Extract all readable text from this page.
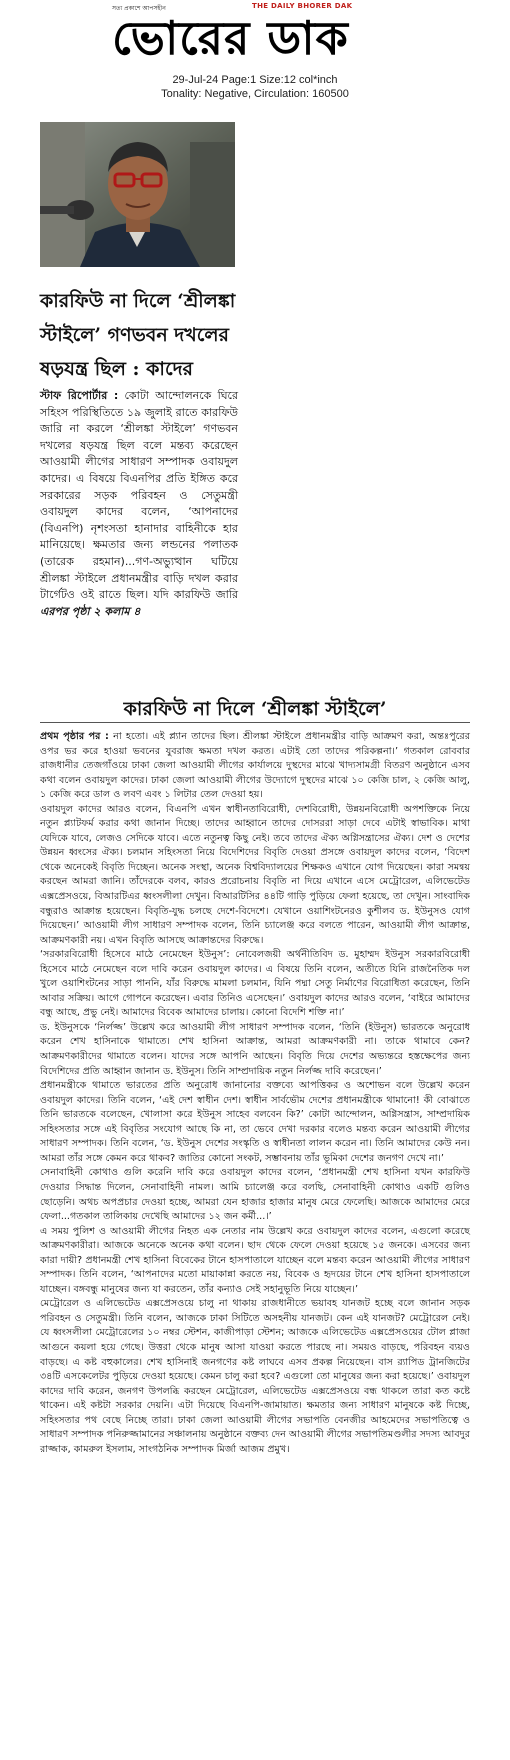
সত্য প্রকাশে আপসহীন	THE DAILY BHORER DAK
ভোরের ডাক
29-Jul-24 Page:1 Size:12 col*inch
Tonality: Negative, Circulation: 160500
কারফিউ না দিলে ‘শ্রীলঙ্কা
স্টাইলে’ গণভবন দখলের
ষড়যন্ত্র ছিল : কাদের
স্টাফ রিপোর্টার : কোটা আন্দোলনকে ঘিরে সহিংস পরিস্থিতিতে ১৯ জুলাই রাতে কারফিউ জারি না করলে ‘শ্রীলঙ্কা স্টাইলে’ গণভবন দখলের ষড়যন্ত্র ছিল বলে মন্তব্য করেছেন আওয়ামী লীগের সাধারণ সম্পাদক ওবায়দুল কাদের। এ বিষয়ে বিএনপির প্রতি ইঙ্গিত করে সরকারের সড়ক পরিবহন ও সেতুমন্ত্রী ওবায়দুল কাদের বলেন, ‘আপনাদের (বিএনপি) নৃশংসতা হানাদার বাহিনীকে হার মানিয়েছে। ক্ষমতার জন্য লন্ডনের পলাতক (তারেক রহমান)...গণ-অভ্যুত্থান ঘটিয়ে শ্রীলঙ্কা স্টাইলে প্রধানমন্ত্রীর বাড়ি দখল করার টার্গেটও ওই রাতে ছিল। যদি কারফিউ জারি এরপর পৃষ্ঠা ২ কলাম ৪
কারফিউ না দিলে ‘শ্রীলঙ্কা স্টাইলে’

প্রথম পৃষ্ঠার পর : না হতো। এই প্ল্যান তাদের ছিল। শ্রীলঙ্কা স্টাইলে প্রধানমন্ত্রীর বাড়ি আক্রমণ করা, অন্তঃপুরের ওপর ভর করে হাওয়া ভবনের যুবরাজ ক্ষমতা দখল করত। এটাই তো তাদের পরিকল্পনা।’ গতকাল রোববার রাজধানীর তেজগাঁওয়ে ঢাকা জেলা আওয়ামী লীগের কার্যালয়ে দুস্থদের মাঝে খাদ্যসামগ্রী বিতরণ অনুষ্ঠানে এসব কথা বলেন ওবায়দুল কাদের। ঢাকা জেলা আওয়ামী লীগের উদ্যোগে দুস্থদের মাঝে ১০ কেজি চাল, ২ কেজি আলু, ১ কেজি করে ডাল ও লবণ এবং ১ লিটার তেল দেওয়া হয়।

ওবায়দুল কাদের আরও বলেন, বিএনপি এখন স্বাধীনতাবিরোধী, দেশবিরোধী, উন্নয়নবিরোধী অপশক্তিকে নিয়ে নতুন প্ল্যাটফর্ম করার কথা জানান দিচ্ছে। তাদের আহ্বানে তাদের দোসররা সাড়া দেবে এটাই স্বাভাবিক। মাথা যেদিকে যাবে, লেজও সেদিকে যাবে। এতে নতুনত্ব কিছু নেই। তবে তাদের ঐক্য অগ্নিসন্ত্রাসের ঐক্য। দেশ ও দেশের উন্নয়ন ধ্বংসের ঐক্য। চলমান সহিংসতা নিয়ে বিদেশিদের বিবৃতি দেওয়া প্রসঙ্গে ওবায়দুল কাদের বলেন, ‘বিদেশ থেকে অনেকেই বিবৃতি দিচ্ছেন। অনেক সংস্থা, অনেক বিশ্ববিদ্যালয়ের শিক্ষকও এখানে যোগ দিয়েছেন। কারা সমন্বয় করছেন আমরা জানি। তাঁদেরকে বলব, কারও প্ররোচনায় বিবৃতি না দিয়ে এখানে এসে মেট্রোরেল, এলিভেটেড এক্সপ্রেসওয়ে, বিআরটিএর ধ্বংসলীলা দেখুন। বিআরটিসির ৪৪টি গাড়ি পুড়িয়ে ফেলা হয়েছে, তা দেখুন। সাংবাদিক বন্ধুরাও আক্রান্ত হয়েছেন। বিবৃতি-যুদ্ধ চলছে দেশে-বিদেশে। যেখানে ওয়াশিংটনেরও কুশীলব ড. ইউনুসও যোগ দিয়েছেন।’ আওয়ামী লীগ সাধারণ সম্পাদক বলেন, তিনি চ্যালেঞ্জ করে বলতে পারেন, আওয়ামী লীগ আক্রান্ত, আক্রমণকারী নয়। এখন বিবৃতি আসছে আক্রান্তদের বিরুদ্ধে।

‘সরকারবিরোধী হিসেবে মাঠে নেমেছেন ইউনুস’: নোবেলজয়ী অর্থনীতিবিদ ড. মুহাম্মদ ইউনুস সরকারবিরোধী হিসেবে মাঠে নেমেছেন বলে দাবি করেন ওবায়দুল কাদের। এ বিষয়ে তিনি বলেন, অতীতে যিনি রাজনৈতিক দল খুলে ওয়াশিংটনের সাড়া পাননি, যাঁর বিরুদ্ধে মামলা চলমান, যিনি পদ্মা সেতু নির্মাণের বিরোধিতা করেছেন, তিনি আবার সক্রিয়। আগে গোপনে করেছেন। এবার তিনিও এসেছেন।’ ওবায়দুল কাদের আরও বলেন, ‘বাইরে আমাদের বন্ধু আছে, প্রভু নেই। আমাদের বিবেক আমাদের চালায়। কোনো বিদেশি শক্তি না।’

ড. ইউনুসকে ‘নির্লজ্জ’ উল্লেখ করে আওয়ামী লীগ সাধারণ সম্পাদক বলেন, ‘তিনি (ইউনুস) ভারতকে অনুরোধ করেন শেখ হাসিনাকে থামাতে। শেখ হাসিনা আক্রান্ত, আমরা আক্রমণকারী না। তাকে থামাবে কেন? আক্রমণকারীদের থামাতে বলেন। যাদের সঙ্গে আপনি আছেন। বিবৃতি দিয়ে দেশের অভ্যন্তরে হস্তক্ষেপের জন্য বিদেশিদের প্রতি আহ্বান জানান ড. ইউনুস। তিনি সাম্প্রদায়িক নতুন নির্লজ্জ দাবি করেছেন।’

প্রধানমন্ত্রীকে থামাতে ভারতের প্রতি অনুরোধ জানানোর বক্তব্যে আপত্তিকর ও অশোভন বলে উল্লেখ করেন ওবায়দুল কাদের। তিনি বলেন, ‘এই দেশ স্বাধীন দেশ। স্বাধীন সার্বভৌম দেশের প্রধানমন্ত্রীকে থামানো! কী বোঝাতে তিনি ভারতকে বলেছেন, খোলাসা করে ইউনুস সাহেব বলবেন কি?’ কোটা আন্দোলন, অগ্নিসন্ত্রাস, সাম্প্রদায়িক সহিংসতার সঙ্গে এই বিবৃতির সংযোগ আছে কি না, তা ভেবে দেখা দরকার বলেও মন্তব্য করেন আওয়ামী লীগের সাধারণ সম্পাদক। তিনি বলেন, ‘ড. ইউনুস দেশের সংস্কৃতি ও স্বাধীনতা লালন করেন না। তিনি আমাদের কেউ নন। আমরা তাঁর সঙ্গে কেমন করে থাকব? জাতির কোনো সংকট, সম্ভাবনায় তাঁর ভূমিকা দেশের জনগণ দেখে না।’

সেনাবাহিনী কোথাও গুলি করেনি দাবি করে ওবায়দুল কাদের বলেন, ‘প্রধানমন্ত্রী শেখ হাসিনা যখন কারফিউ দেওয়ার সিদ্ধান্ত দিলেন, সেনাবাহিনী নামল। আমি চ্যালেঞ্জ করে বলছি, সেনাবাহিনী কোথাও একটি গুলিও ছোড়েনি। অথচ অপপ্রচার দেওয়া হচ্ছে, আমরা যেন হাজার হাজার মানুষ মেরে ফেলেছি। আজকে আমাদের মেরে ফেলা...গতকাল তালিকায় দেখেছি আমাদের ১২ জন কর্মী...।’

এ সময় পুলিশ ও আওয়ামী লীগের নিহত এক নেতার নাম উল্লেখ করে ওবায়দুল কাদের বলেন, এগুলো করেছে আক্রমণকারীরা। আজকে অনেকে অনেক কথা বলেন। ছাদ থেকে ফেলে দেওয়া হয়েছে ১৫ জনকে। এসবের জন্য কারা দায়ী? প্রধানমন্ত্রী শেখ হাসিনা বিবেকের টানে হাসপাতালে যাচ্ছেন বলে মন্তব্য করেন আওয়ামী লীগের সাধারণ সম্পাদক। তিনি বলেন, ‘আপনাদের মতো মায়াকান্না করতে নয়, বিবেক ও হৃদয়ের টানে শেখ হাসিনা হাসপাতালে যাচ্ছেন। বঙ্গবন্ধু মানুষের জন্য যা করতেন, তাঁর কন্যাও সেই সহানুভূতি নিয়ে যাচ্ছেন।’

মেট্রোরেল ও এলিভেটেড এক্সপ্রেসওয়ে চালু না থাকায় রাজধানীতে ভয়াবহ যানজট হচ্ছে বলে জানান সড়ক পরিবহন ও সেতুমন্ত্রী। তিনি বলেন, আজকে ঢাকা সিটিতে অসহনীয় যানজট। কেন এই যানজট? মেট্রোরেল নেই। যে ধ্বংসলীলা মেট্রোরেলের ১০ নম্বর স্টেশন, কাজীপাড়া স্টেশন; আজকে এলিভেটেড এক্সপ্রেসওয়ের টোল প্লাজা আগুনে কয়লা হয়ে গেছে। উত্তরা থেকে মানুষ আসা যাওয়া করতে পারছে না। সময়ও বাড়ছে, পরিবহন ব্যয়ও বাড়ছে। এ কষ্ট বহুকালের। শেখ হাসিনাই জনগণের কষ্ট লাঘবে এসব প্রকল্প নিয়েছেন। বাস র‍্যাপিড ট্রানজিটের ৩৪টি এসকেলেটর পুড়িয়ে দেওয়া হয়েছে। কেমন চালু করা হবে? এগুলো তো মানুষের জন্য করা হয়েছে।’ ওবায়দুল কাদের দাবি করেন, জনগণ উপলব্ধি করছেন মেট্রোরেল, এলিভেটেড এক্সপ্রেসওয়ে বন্ধ থাকলে তারা কত কষ্টে থাকেন। এই কষ্টটা সরকার দেয়নি। এটা দিয়েছে বিএনপি-জামায়াত। ক্ষমতার জন্য সাধারণ মানুষকে কষ্ট দিচ্ছে, সহিংসতার পথ বেছে নিচ্ছে তারা। ঢাকা জেলা আওয়ামী লীগের সভাপতি বেনজীর আহমেদের সভাপতিত্বে ও সাধারণ সম্পাদক পনিরুজ্জামানের সঞ্চালনায় অনুষ্ঠানে বক্তব্য দেন আওয়ামী লীগের সভাপতিমণ্ডলীর সদস্য আবদুর রাজ্জাক, কামরুল ইসলাম, সাংগঠনিক সম্পাদক মির্জা আজম প্রমুখ।
